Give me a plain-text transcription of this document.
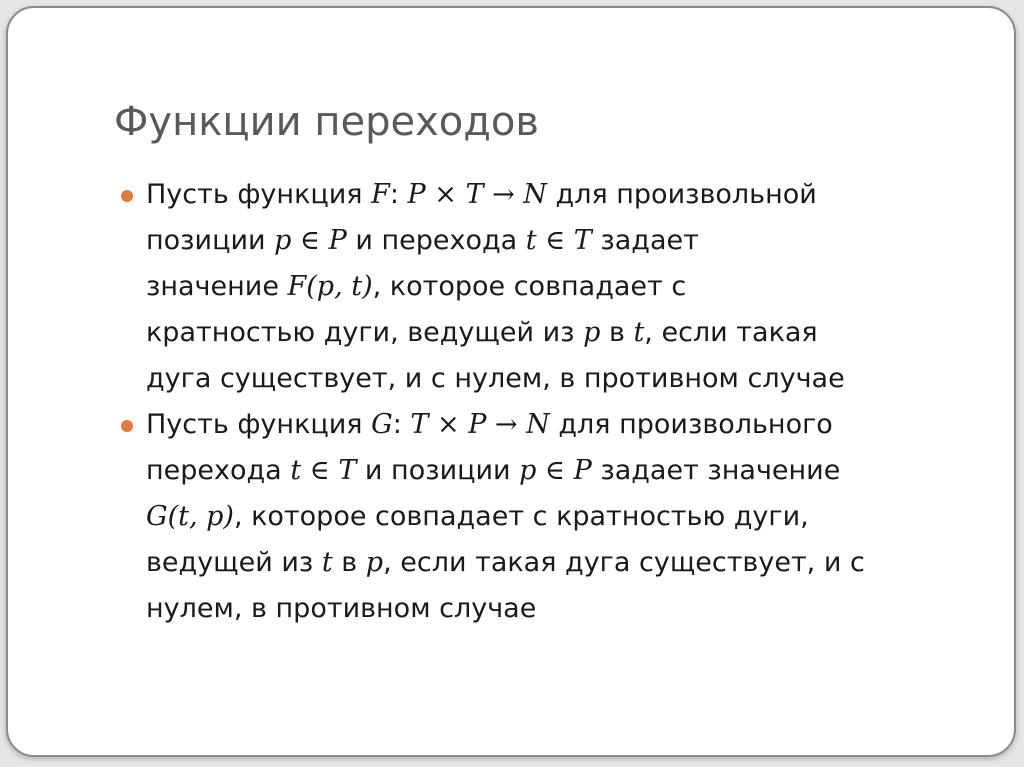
Функции переходов
Пусть функция F: P × T → N для произвольной
позиции p ∈ P и перехода t ∈ T задает
значение F(p, t), которое совпадает с
кратностью дуги, ведущей из p в t, если такая
дуга существует, и с нулем, в противном случае
Пусть функция G: T × P → N для произвольного
перехода t ∈ T и позиции p ∈ P задает значение
G(t, p), которое совпадает с кратностью дуги,
ведущей из t в p, если такая дуга существует, и с
нулем, в противном случае
